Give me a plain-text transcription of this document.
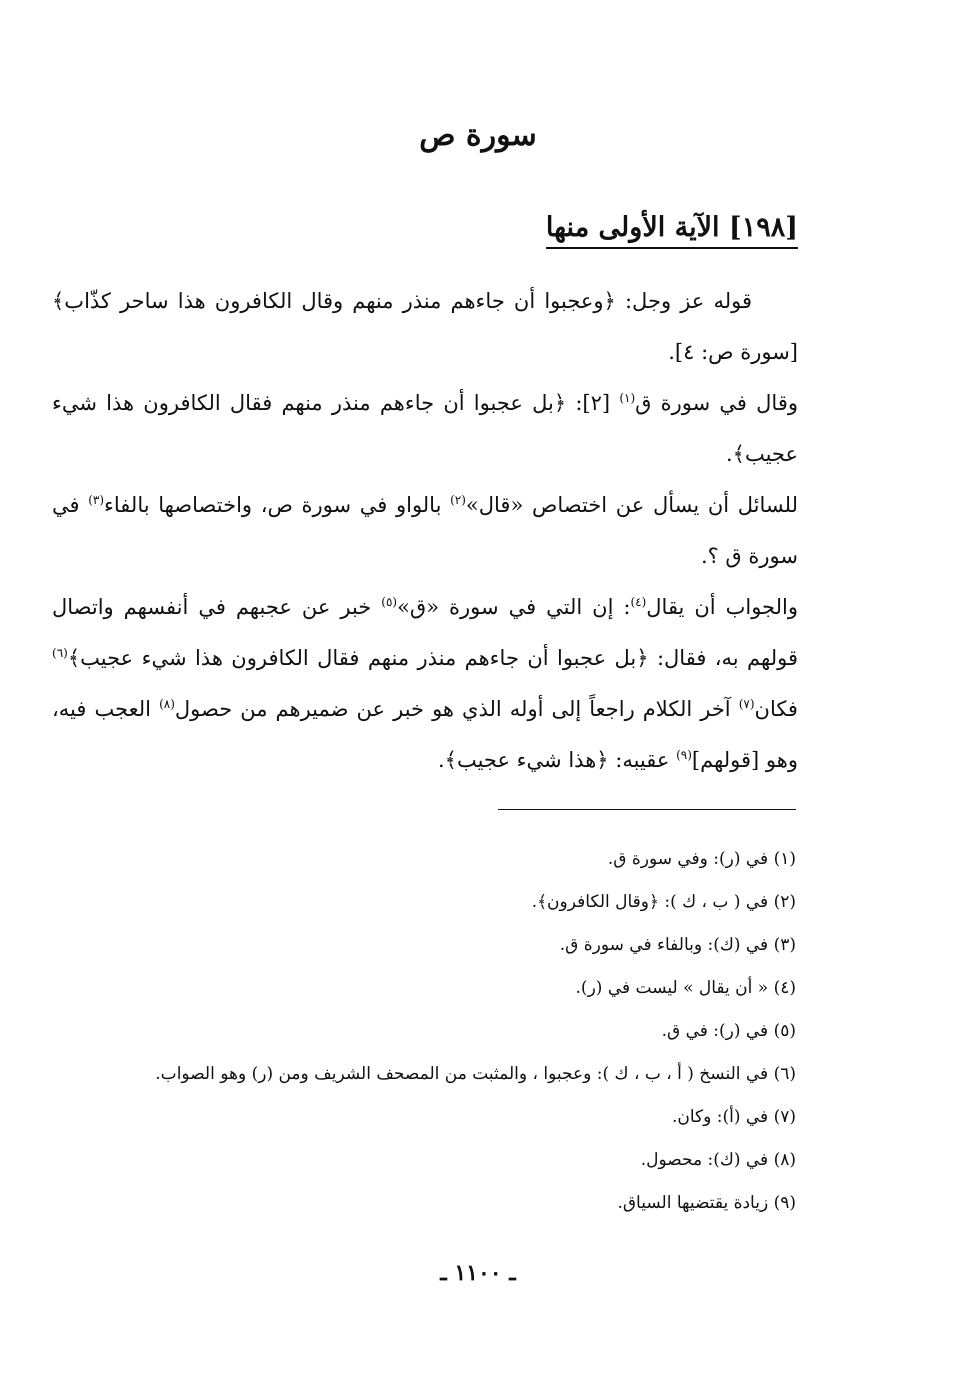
سورة ص
[١٩٨] الآية الأولى منها

قوله عز وجل: ﴿وعجبوا أن جاءهم منذر منهم وقال الكافرون هذا ساحر كذّاب﴾ [سورة ص: ٤].

وقال في سورة ق$^{(١)}$ [٢]: ﴿بل عجبوا أن جاءهم منذر منهم فقال الكافرون هذا شيء عجيب﴾.

للسائل أن يسأل عن اختصاص «قال»$^{(٢)}$ بالواو في سورة ص، واختصاصها بالفاء$^{(٣)}$ في سورة ق ؟.

والجواب أن يقال$^{(٤)}$: إن التي في سورة «ق»$^{(٥)}$ خبر عن عجبهم في أنفسهم واتصال قولهم به، فقال: ﴿بل عجبوا أن جاءهم منذر منهم فقال الكافرون هذا شيء عجيب﴾$^{(٦)}$ فكان$^{(٧)}$ آخر الكلام راجعاً إلى أوله الذي هو خبر عن ضميرهم من حصول$^{(٨)}$ العجب فيه، وهو [قولهم]$^{(٩)}$ عقيبه: ﴿هذا شيء عجيب﴾.

(١) في (ر): وفي سورة ق.
(٢) في ( ب ، ك ): ﴿وقال الكافرون﴾.
(٣) في (ك): وبالفاء في سورة ق.
(٤) « أن يقال » ليست في (ر).
(٥) في (ر): في ق.
(٦) في النسخ ( أ ، ب ، ك ): وعجبوا ، والمثبت من المصحف الشريف ومن (ر) وهو الصواب.
(٧) في (أ): وكان.
(٨) في (ك): محصول.
(٩) زيادة يقتضيها السياق.
ـ ١١٠٠ ـ
